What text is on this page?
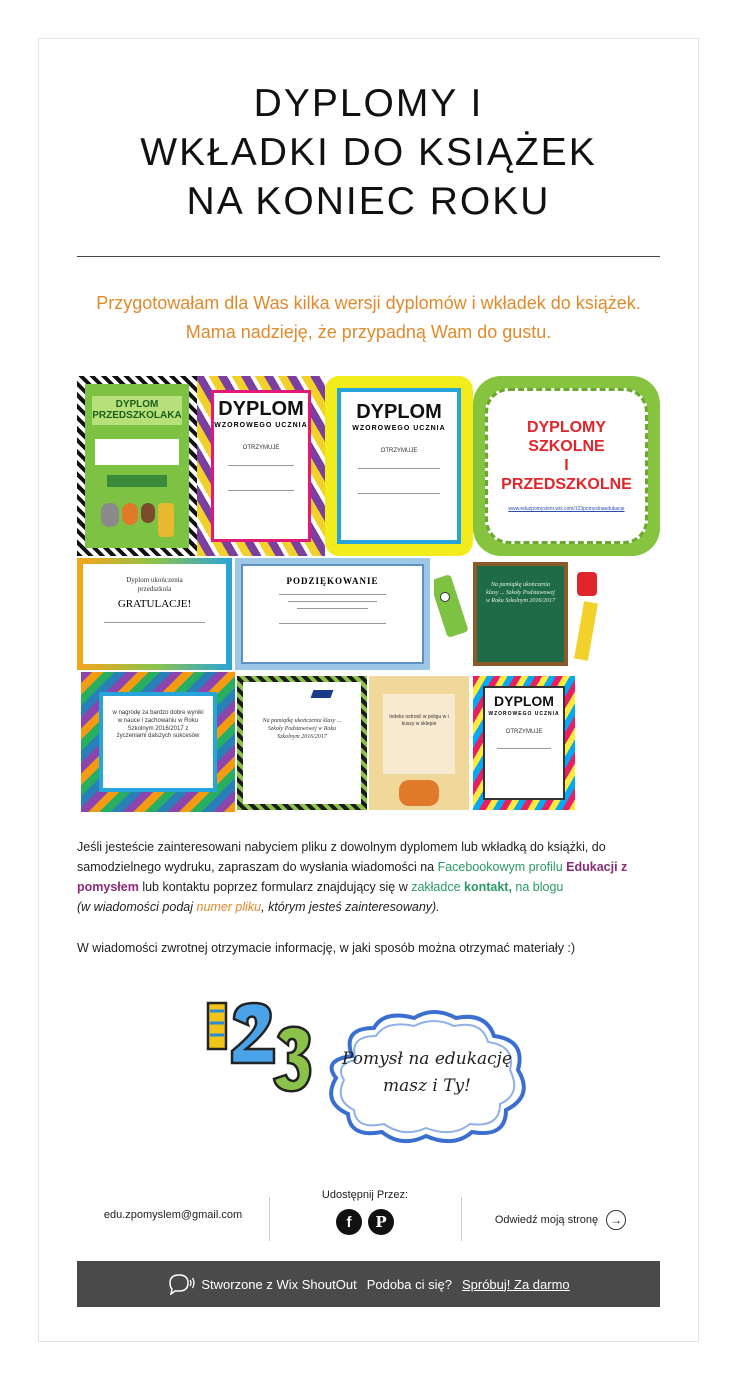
DYPLOMY I
WKŁADKI DO KSIĄŻEK
NA KONIEC ROKU
Przygotowałam dla Was kilka wersji dyplomów i wkładek do książek.
Mama nadzieję, że przypadną Wam do gustu.
DYPLOM PRZEDSZKOLAKA DYPLOM
WZOROWEGO UCZNIA
OTRZYMUJE
DYPLOM
WZOROWEGO UCZNIA
OTRZYMUJE
DYPLOMY
SZKOLNE
I
PRZEDSZKOLNE
www.eduzpomyslem.wix.com/123pomyslnaedukacje
Dyplom ukończenia przedszkola
GRATULACJE!
PODZIĘKOWANIE	Na pamiątkę ukończenia klasy ... Szkoły Podstawowej w Roku Szkolnym 2016/2017
w nagrodę za bardzo dobre wyniki w nauce i zachowaniu w Roku Szkolnym 2016/2017 z życzeniami dalszych sukcesów
Na pamiątkę ukończenia klasy ... Szkoły Podstawowej w Roku Szkolnym 2016/2017
Indeks ostrość w poligu w i kuszy w sklepie
DYPLOM
WZOROWEGO UCZNIA
OTRZYMUJE

Jeśli jesteście zainteresowani nabyciem pliku z dowolnym dyplomem lub wkładką do książki, do samodzielnego wydruku, zapraszam do wysłania wiadomości na Facebookowym profilu Edukacji z pomysłem lub kontaktu poprzez formularz znajdujący się w zakładce kontakt, na blogu

(w wiadomości podaj numer pliku, którym jesteś zainteresowany).

W wiadomości zwrotnej otrzymacie informację, w jaki sposób można otrzymać materiały :)
Pomysł na edukację
masz i Ty!
edu.zpomyslem@gmail.com
Udostępnij Przez:
f	P	Odwiedź moją stronę	→
Stworzone z Wix ShoutOut Podoba ci się? Spróbuj! Za darmo
